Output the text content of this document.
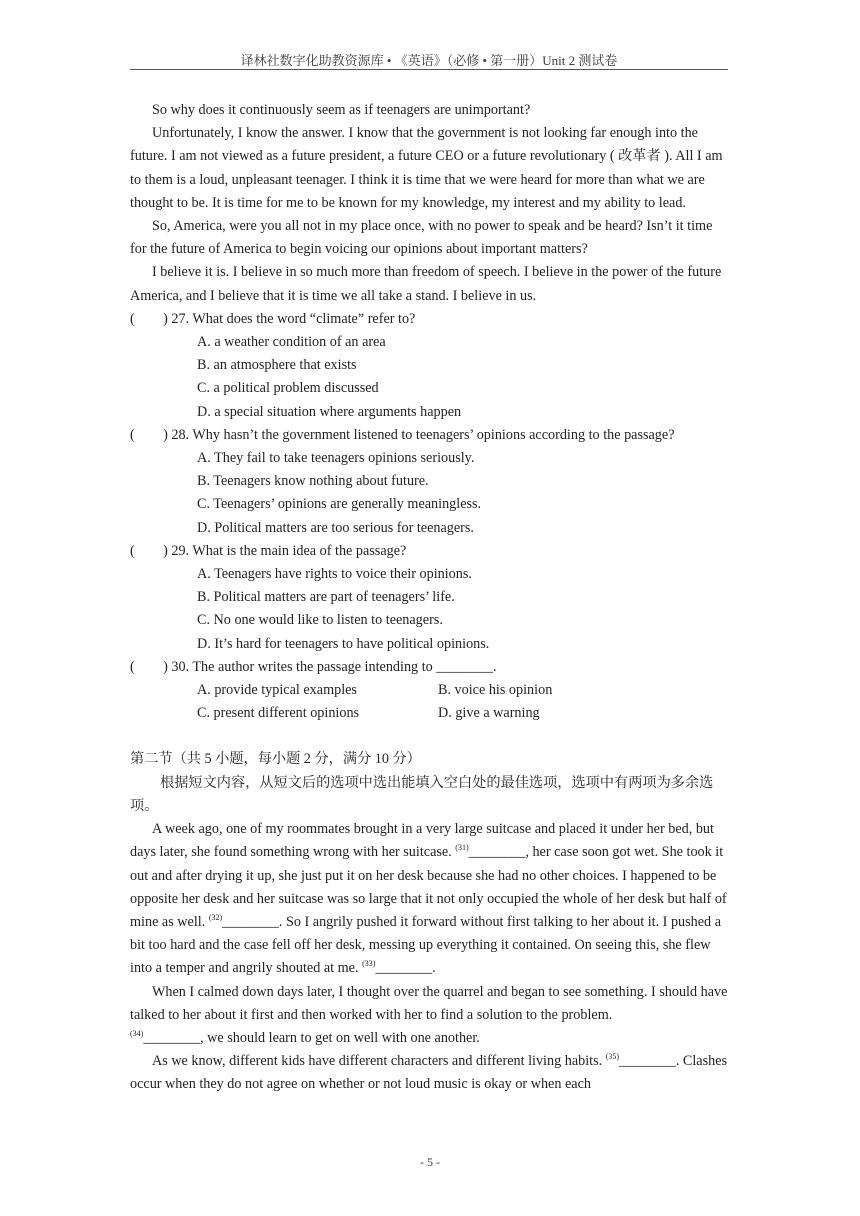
译林社数字化助教资源库 • 《英语》（必修 • 第一册）Unit 2 测试卷

So why does it continuously seem as if teenagers are unimportant?

Unfortunately, I know the answer. I know that the government is not looking far enough into the future. I am not viewed as a future president, a future CEO or a future revolutionary ( 改革者 ). All I am to them is a loud, unpleasant teenager. I think it is time that we were heard for more than what we are thought to be. It is time for me to be known for my knowledge, my interest and my ability to lead.

So, America, were you all not in my place once, with no power to speak and be heard? Isn’t it time for the future of America to begin voicing our opinions about important matters?

I believe it is. I believe in so much more than freedom of speech. I believe in the power of the future America, and I believe that it is time we all take a stand. I believe in us.

(        ) 27. What does the word “climate” refer to?

A. a weather condition of an area

B. an atmosphere that exists

C. a political problem discussed

D. a special situation where arguments happen

(        ) 28. Why hasn’t the government listened to teenagers’ opinions according to the passage?

A. They fail to take teenagers opinions seriously.

B. Teenagers know nothing about future.

C. Teenagers’ opinions are generally meaningless.

D. Political matters are too serious for teenagers.

(        ) 29. What is the main idea of the passage?

A. Teenagers have rights to voice their opinions.

B. Political matters are part of teenagers’ life.

C. No one would like to listen to teenagers.

D. It’s hard for teenagers to have political opinions.

(        ) 30. The author writes the passage intending to ________.

A. provide typical examples	B. voice his opinion
C. present different opinions	D. give a warning

第二节（共 5 小题，每小题 2 分，满分 10 分）

根据短文内容，从短文后的选项中选出能填入空白处的最佳选项，选项中有两项为多余选项。

A week ago, one of my roommates brought in a very large suitcase and placed it under her bed, but days later, she found something wrong with her suitcase. $^{(31)}$________, her case soon got wet. She took it out and after drying it up, she just put it on her desk because she had no other choices. I happened to be opposite her desk and her suitcase was so large that it not only occupied the whole of her desk but half of mine as well. $^{(32)}$________. So I angrily pushed it forward without first talking to her about it. I pushed a bit too hard and the case fell off her desk, messing up everything it contained. On seeing this, she flew into a temper and angrily shouted at me. $^{(33)}$________.

When I calmed down days later, I thought over the quarrel and began to see something. I should have talked to her about it first and then worked with her to find a solution to the problem.
$^{(34)}$________, we should learn to get on well with one another.

As we know, different kids have different characters and different living habits. $^{(35)}$________. Clashes occur when they do not agree on whether or not loud music is okay or when each

- 5 -
